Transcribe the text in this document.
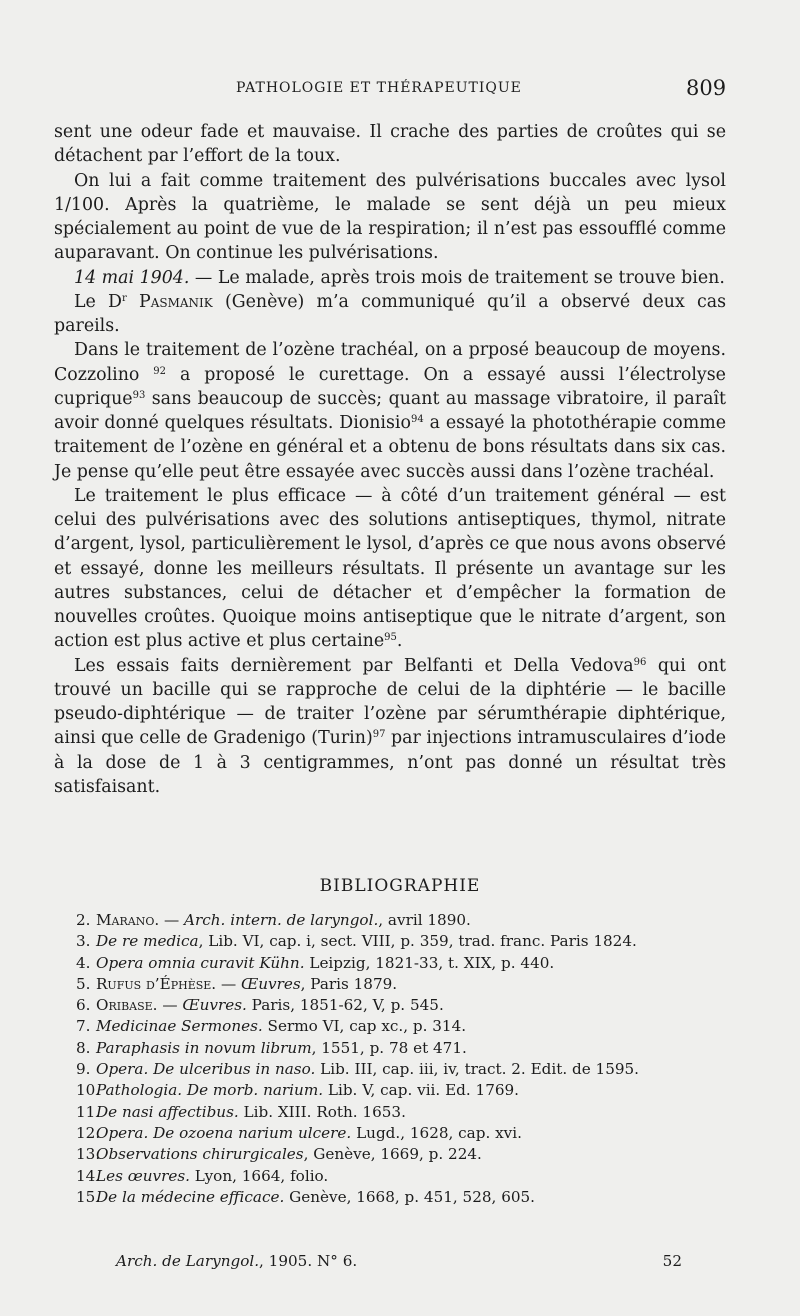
PATHOLOGIE ET THÉRAPEUTIQUE	809

sent une odeur fade et mauvaise. Il crache des parties de croûtes qui se détachent par l’effort de la toux.

On lui a fait comme traitement des pulvérisations buccales avec lysol 1/100. Après la quatrième, le malade se sent déjà un peu mieux spécialement au point de vue de la respiration; il n’est pas essoufflé comme auparavant. On continue les pulvérisations.

14 mai 1904. — Le malade, après trois mois de traitement se trouve bien.

Le $D^r$ Pasmanik (Genève) m’a communiqué qu’il a observé deux cas pareils.

Dans le traitement de l’ozène trachéal, on a prposé beaucoup de moyens. Cozzolino $^{92}$ a proposé le curettage. On a essayé aussi l’électrolyse cuprique$^{93}$ sans beaucoup de succès; quant au massage vibratoire, il paraît avoir donné quelques résultats. Dionisio$^{94}$ a essayé la photothérapie comme traitement de l’ozène en général et a obtenu de bons résultats dans six cas. Je pense qu’elle peut être essayée avec succès aussi dans l’ozène trachéal.

Le traitement le plus efficace — à côté d’un traitement général — est celui des pulvérisations avec des solutions antiseptiques, thymol, nitrate d’argent, lysol, particulièrement le lysol, d’après ce que nous avons observé et essayé, donne les meilleurs résultats. Il présente un avantage sur les autres substances, celui de détacher et d’empêcher la formation de nouvelles croûtes. Quoique moins antiseptique que le nitrate d’argent, son action est plus active et plus certaine$^{95}$.

Les essais faits dernièrement par Belfanti et Della Vedova$^{96}$ qui ont trouvé un bacille qui se rapproche de celui de la diphtérie — le bacille pseudo-diphtérique — de traiter l’ozène par sérumthérapie diphtérique, ainsi que celle de Gradenigo (Turin)$^{97}$ par injections intramusculaires d’iode à la dose de 1 à 3 centigrammes, n’ont pas donné un résultat très satisfaisant.

BIBLIOGRAPHIE
2. Marano. — Arch. intern. de laryngol., avril 1890.
3. De re medica, Lib. VI, cap. i, sect. VIII, p. 359, trad. franc. Paris 1824.
4. Opera omnia curavit Kühn. Leipzig, 1821-33, t. XIX, p. 440.
5. Rufus d’Éphèse. — Œuvres, Paris 1879.
6. Oribase. — Œuvres. Paris, 1851-62, V, p. 545.
7. Medicinae Sermones. Sermo VI, cap xc., p. 314.
8. Paraphasis in novum librum, 1551, p. 78 et 471.
9. Opera. De ulceribus in naso. Lib. III, cap. iii, iv, tract. 2. Edit. de 1595.
10.Pathologia. De morb. narium. Lib. V, cap. vii. Ed. 1769.
11.De nasi affectibus. Lib. XIII. Roth. 1653.
12.Opera. De ozoena narium ulcere. Lugd., 1628, cap. xvi.
13.Observations chirurgicales, Genève, 1669, p. 224.
14.Les œuvres. Lyon, 1664, folio.
15.De la médecine efficace. Genève, 1668, p. 451, 528, 605.
Arch. de Laryngol., 1905. N° 6.	52
